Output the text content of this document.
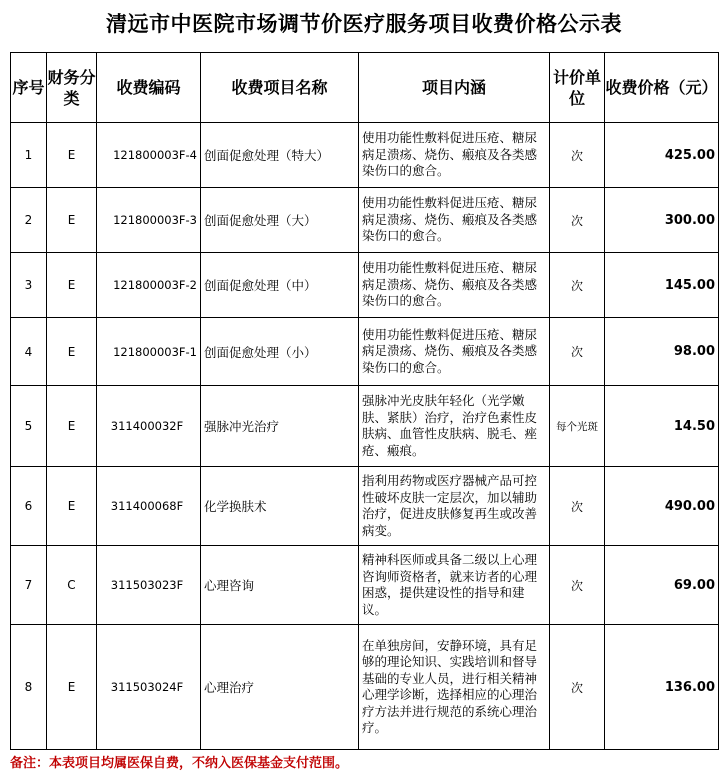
清远市中医院市场调节价医疗服务项目收费价格公示表
序号	财务分类	收费编码	收费项目名称	项目内涵	计价单位	收费价格（元）
1	E	121800003F-4	创面促愈处理（特大）	使用功能性敷料促进压疮、糖尿病足溃疡、烧伤、瘢痕及各类感染伤口的愈合。	次	425.00
2	E	121800003F-3	创面促愈处理（大）	使用功能性敷料促进压疮、糖尿病足溃疡、烧伤、瘢痕及各类感染伤口的愈合。	次	300.00
3	E	121800003F-2	创面促愈处理（中）	使用功能性敷料促进压疮、糖尿病足溃疡、烧伤、瘢痕及各类感染伤口的愈合。	次	145.00
4	E	121800003F-1	创面促愈处理（小）	使用功能性敷料促进压疮、糖尿病足溃疡、烧伤、瘢痕及各类感染伤口的愈合。	次	98.00
5	E	311400032F	强脉冲光治疗	强脉冲光皮肤年轻化（光学嫩肤、紧肤）治疗，治疗色素性皮肤病、血管性皮肤病、脱毛、痤疮、瘢痕。	每个光斑	14.50
6	E	311400068F	化学换肤术	指利用药物或医疗器械产品可控性破坏皮肤一定层次，加以辅助治疗，促进皮肤修复再生或改善病变。	次	490.00
7	C	311503023F	心理咨询	精神科医师或具备二级以上心理咨询师资格者，就来访者的心理困惑，提供建设性的指导和建议。	次	69.00
8	E	311503024F	心理治疗	在单独房间，安静环境，具有足够的理论知识、实践培训和督导基础的专业人员，进行相关精神心理学诊断，选择相应的心理治疗方法并进行规范的系统心理治疗。	次	136.00
备注：本表项目均属医保自费，不纳入医保基金支付范围。
